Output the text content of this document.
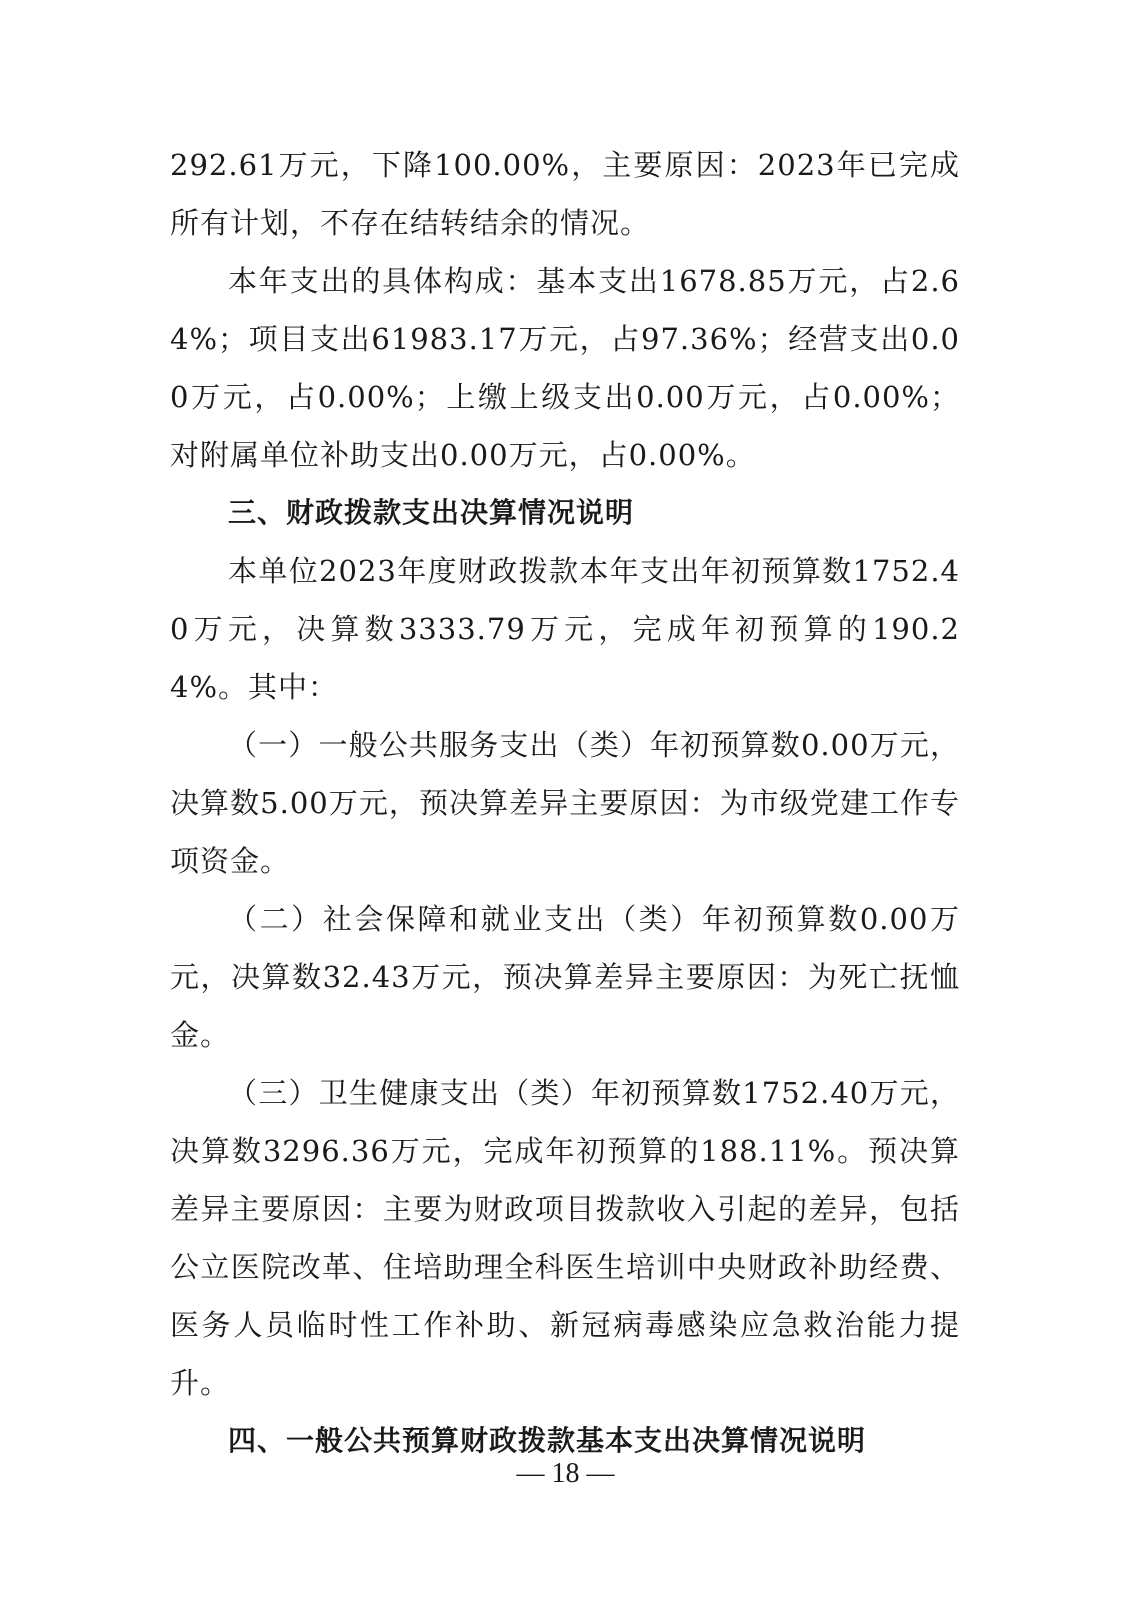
292.61万元，下降100.00%，主要原因：2023年已完成所有计划，不存在结转结余的情况。

本年支出的具体构成：基本支出1678.85万元，占2.64%；项目支出61983.17万元，占97.36%；经营支出0.00万元，占0.00%；上缴上级支出0.00万元，占0.00%；对附属单位补助支出0.00万元，占0.00%。

三、财政拨款支出决算情况说明

本单位2023年度财政拨款本年支出年初预算数1752.40万元，决算数3333.79万元，完成年初预算的190.24%。其中：

（一）一般公共服务支出（类）年初预算数0.00万元，决算数5.00万元，预决算差异主要原因：为市级党建工作专项资金。

（二）社会保障和就业支出（类）年初预算数0.00万元，决算数32.43万元，预决算差异主要原因：为死亡抚恤金。

（三）卫生健康支出（类）年初预算数1752.40万元，决算数3296.36万元，完成年初预算的188.11%。预决算差异主要原因：主要为财政项目拨款收入引起的差异，包括公立医院改革、住培助理全科医生培训中央财政补助经费、医务人员临时性工作补助、新冠病毒感染应急救治能力提升。

四、一般公共预算财政拨款基本支出决算情况说明

— 18 —
